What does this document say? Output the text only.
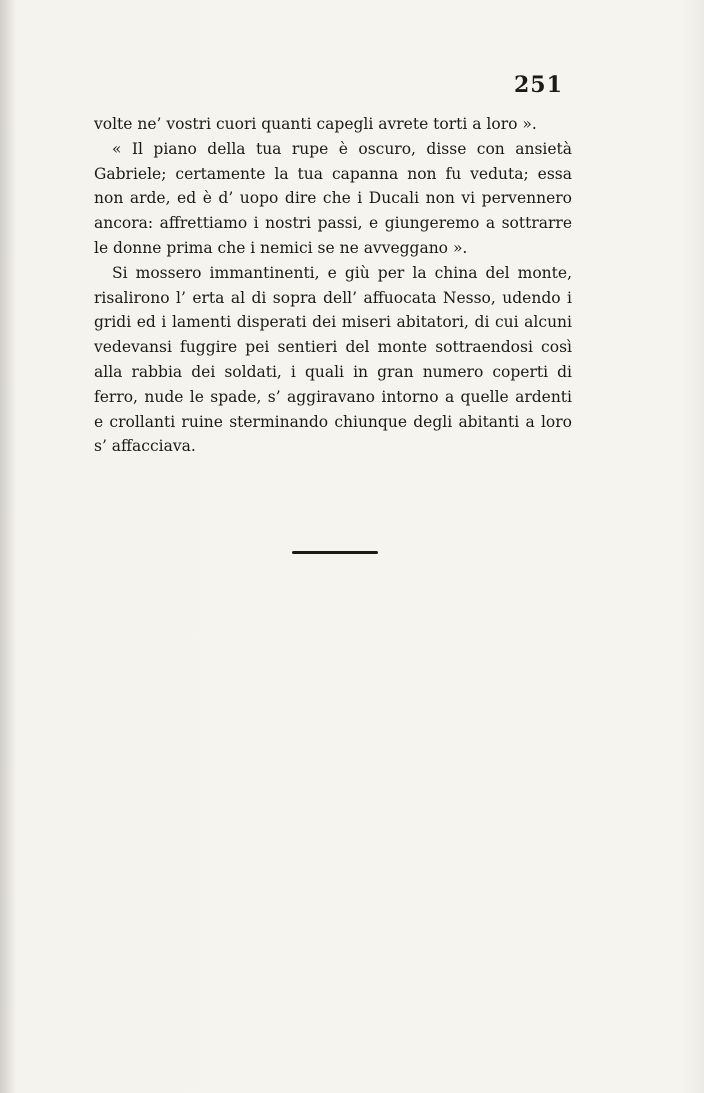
251

volte ne’ vostri cuori quanti capegli avrete torti a loro ».

« Il piano della tua rupe è oscuro, disse con ansietà Gabriele; certamente la tua capanna non fu veduta; essa non arde, ed è d’ uopo dire che i Ducali non vi pervennero ancora: affrettiamo i nostri passi, e giungeremo a sottrarre le donne prima che i nemici se ne avveggano ».

Si mossero immantinenti, e giù per la china del monte, risalirono l’ erta al di sopra dell’ affuocata Nesso, udendo i gridi ed i lamenti disperati dei miseri abitatori, di cui alcuni vedevansi fuggire pei sentieri del monte sottraendosi così alla rabbia dei soldati, i quali in gran numero coperti di ferro, nude le spade, s’ aggiravano intorno a quelle ardenti e crollanti ruine sterminando chiunque degli abitanti a loro s’ affacciava.
